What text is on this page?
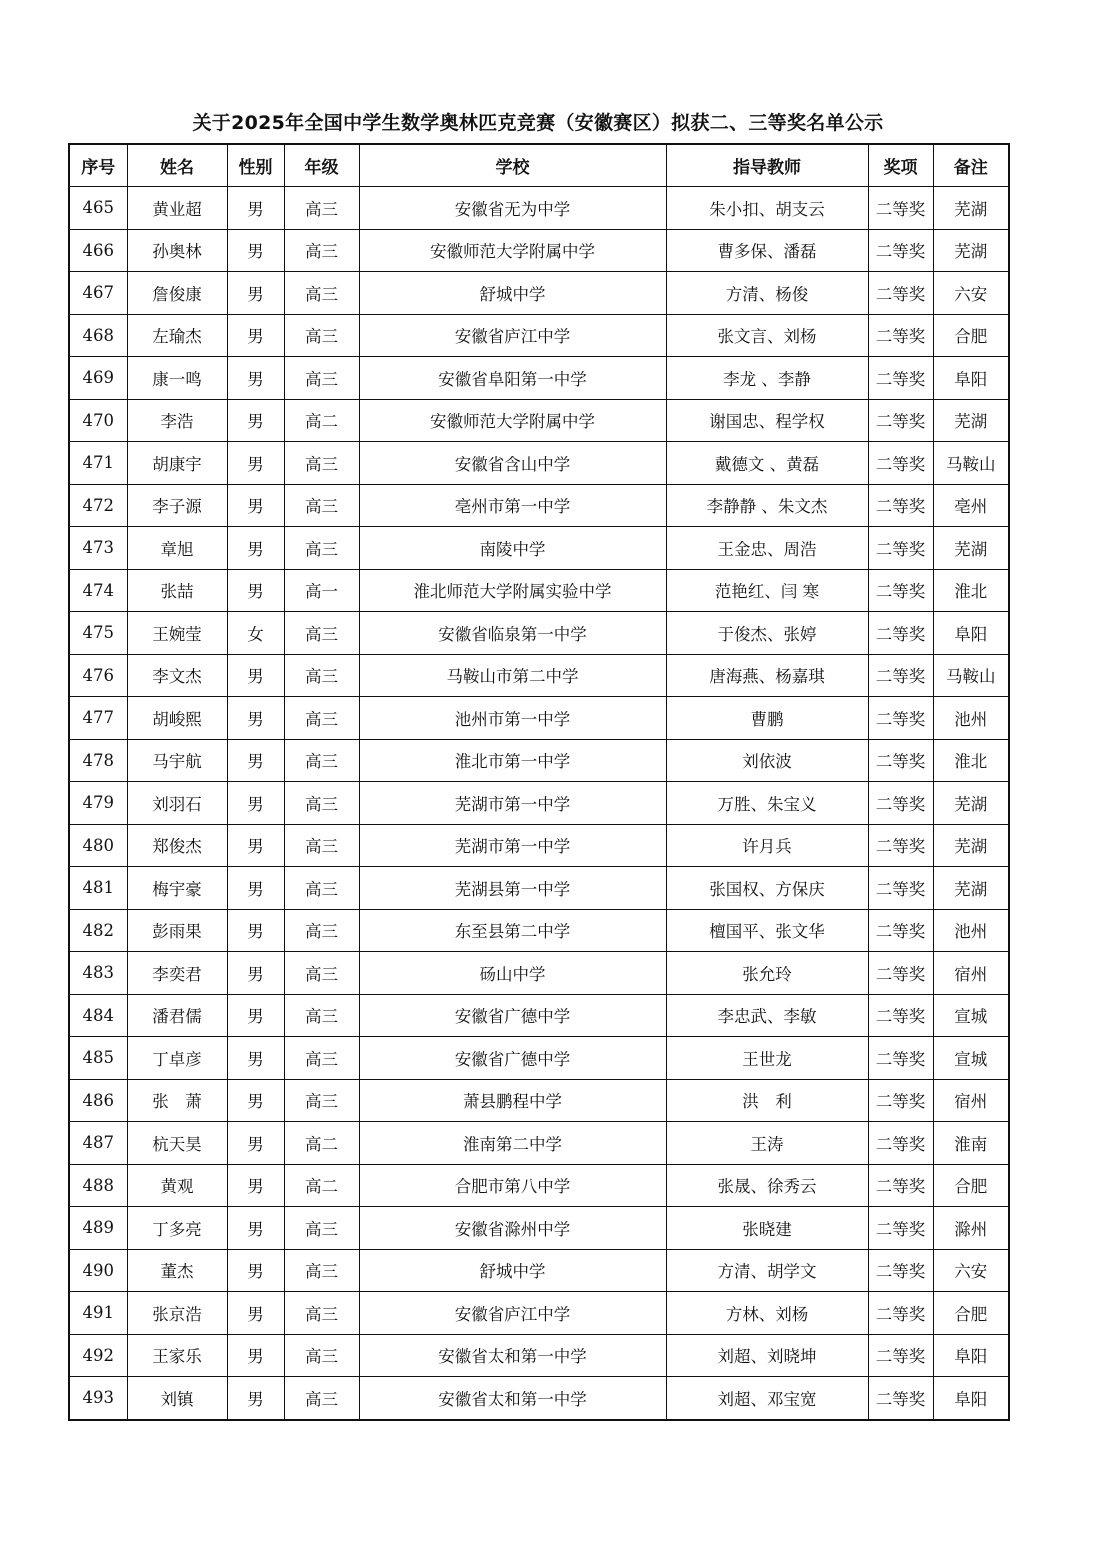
关于2025年全国中学生数学奥林匹克竞赛（安徽赛区）拟获二、三等奖名单公示
序号	姓名	性别	年级	学校	指导教师	奖项	备注
465	黄业超	男	高三	安徽省无为中学	朱小扣、胡支云	二等奖	芜湖
466	孙奥林	男	高三	安徽师范大学附属中学	曹多保、潘磊	二等奖	芜湖
467	詹俊康	男	高三	舒城中学	方清、杨俊	二等奖	六安
468	左瑜杰	男	高三	安徽省庐江中学	张文言、刘杨	二等奖	合肥
469	康一鸣	男	高三	安徽省阜阳第一中学	李龙 、李静	二等奖	阜阳
470	李浩	男	高二	安徽师范大学附属中学	谢国忠、程学权	二等奖	芜湖
471	胡康宇	男	高三	安徽省含山中学	戴德文 、黄磊	二等奖	马鞍山
472	李子源	男	高三	亳州市第一中学	李静静 、朱文杰	二等奖	亳州
473	章旭	男	高三	南陵中学	王金忠、周浩	二等奖	芜湖
474	张喆	男	高一	淮北师范大学附属实验中学	范艳红、闫 寒	二等奖	淮北
475	王婉莹	女	高三	安徽省临泉第一中学	于俊杰、张婷	二等奖	阜阳
476	李文杰	男	高三	马鞍山市第二中学	唐海燕、杨嘉琪	二等奖	马鞍山
477	胡峻熙	男	高三	池州市第一中学	曹鹏	二等奖	池州
478	马宇航	男	高三	淮北市第一中学	刘依波	二等奖	淮北
479	刘羽石	男	高三	芜湖市第一中学	万胜、朱宝义	二等奖	芜湖
480	郑俊杰	男	高三	芜湖市第一中学	许月兵	二等奖	芜湖
481	梅宇豪	男	高三	芜湖县第一中学	张国权、方保庆	二等奖	芜湖
482	彭雨果	男	高三	东至县第二中学	檀国平、张文华	二等奖	池州
483	李奕君	男	高三	砀山中学	张允玲	二等奖	宿州
484	潘君儒	男	高三	安徽省广德中学	李忠武、李敏	二等奖	宣城
485	丁卓彦	男	高三	安徽省广德中学	王世龙	二等奖	宣城
486	张　萧	男	高三	萧县鹏程中学	洪　利	二等奖	宿州
487	杭天昊	男	高二	淮南第二中学	王涛	二等奖	淮南
488	黄观	男	高二	合肥市第八中学	张晟、徐秀云	二等奖	合肥
489	丁多亮	男	高三	安徽省滁州中学	张晓建	二等奖	滁州
490	董杰	男	高三	舒城中学	方清、胡学文	二等奖	六安
491	张京浩	男	高三	安徽省庐江中学	方林、刘杨	二等奖	合肥
492	王家乐	男	高三	安徽省太和第一中学	刘超、刘晓坤	二等奖	阜阳
493	刘镇	男	高三	安徽省太和第一中学	刘超、邓宝宽	二等奖	阜阳
